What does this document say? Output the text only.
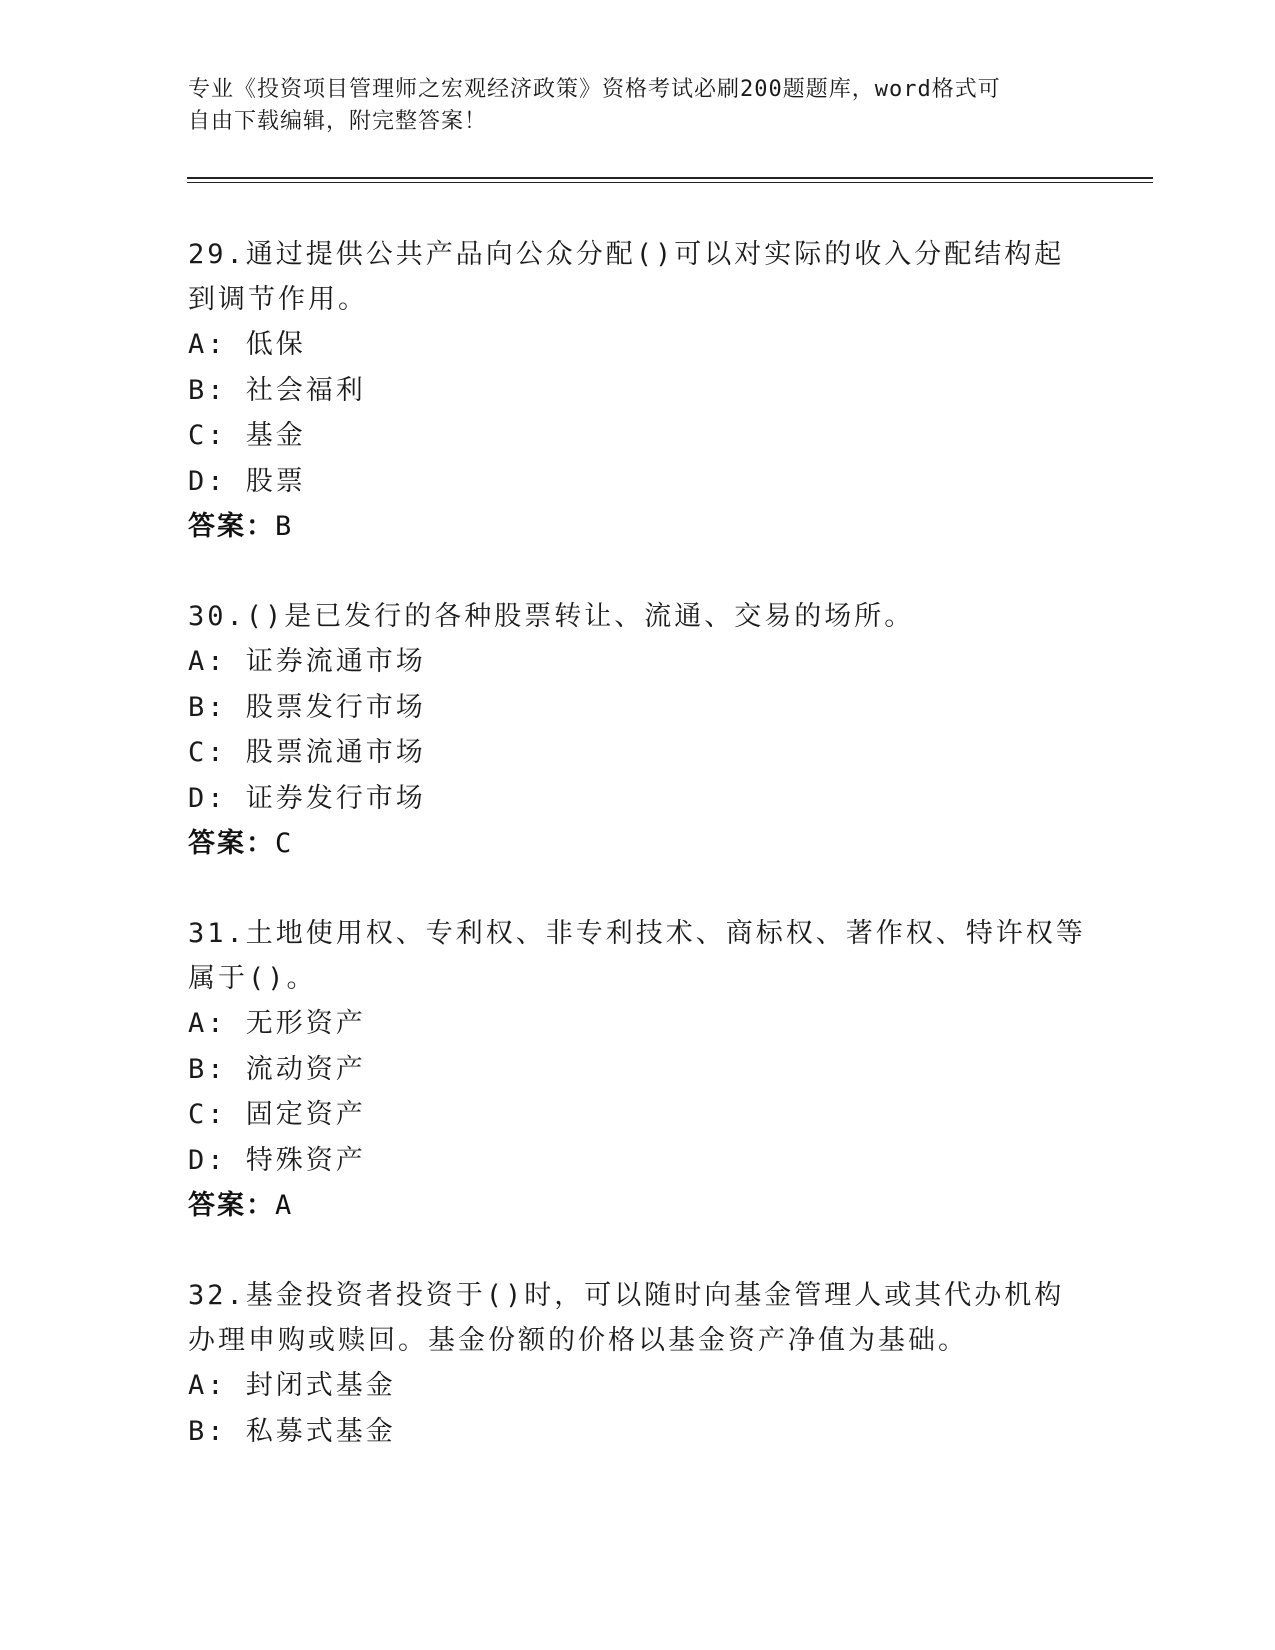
专业《投资项目管理师之宏观经济政策》资格考试必刷200题题库，word格式可
自由下载编辑，附完整答案！
29.通过提供公共产品向公众分配()可以对实际的收入分配结构起到调节作用。
A: 低保
B: 社会福利
C: 基金
D: 股票
答案：B
30.()是已发行的各种股票转让、流通、交易的场所。
A: 证券流通市场
B: 股票发行市场
C: 股票流通市场
D: 证券发行市场
答案：C
31.土地使用权、专利权、非专利技术、商标权、著作权、特许权等属于()。
A: 无形资产
B: 流动资产
C: 固定资产
D: 特殊资产
答案：A
32.基金投资者投资于()时，可以随时向基金管理人或其代办机构办理申购或赎回。基金份额的价格以基金资产净值为基础。
A: 封闭式基金
B: 私募式基金
